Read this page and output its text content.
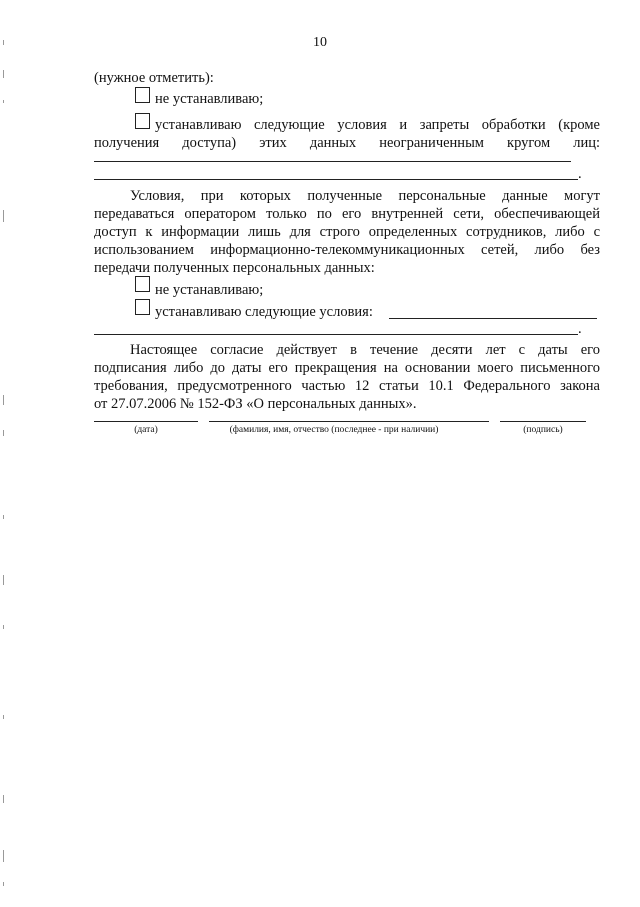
10
(нужное отметить):
не устанавливаю;
устанавливаю следующие условия и запреты обработки (кроме
получения доступа) этих данных неограниченным кругом лиц:
.
Условия, при которых полученные персональные данные могут
передаваться оператором только по его внутренней сети, обеспечивающей
доступ к информации лишь для строго определенных сотрудников, либо с
использованием информационно-телекоммуникационных сетей, либо без
передачи полученных персональных данных:
не устанавливаю;
устанавливаю следующие условия:
.
Настоящее согласие действует в течение десяти лет с даты его
подписания либо до даты его прекращения на основании моего письменного
требования, предусмотренного частью 12 статьи 10.1 Федерального закона
от 27.07.2006 № 152-ФЗ «О персональных данных».
(дата)	(фамилия, имя, отчество (последнее - при наличии)	(подпись)
